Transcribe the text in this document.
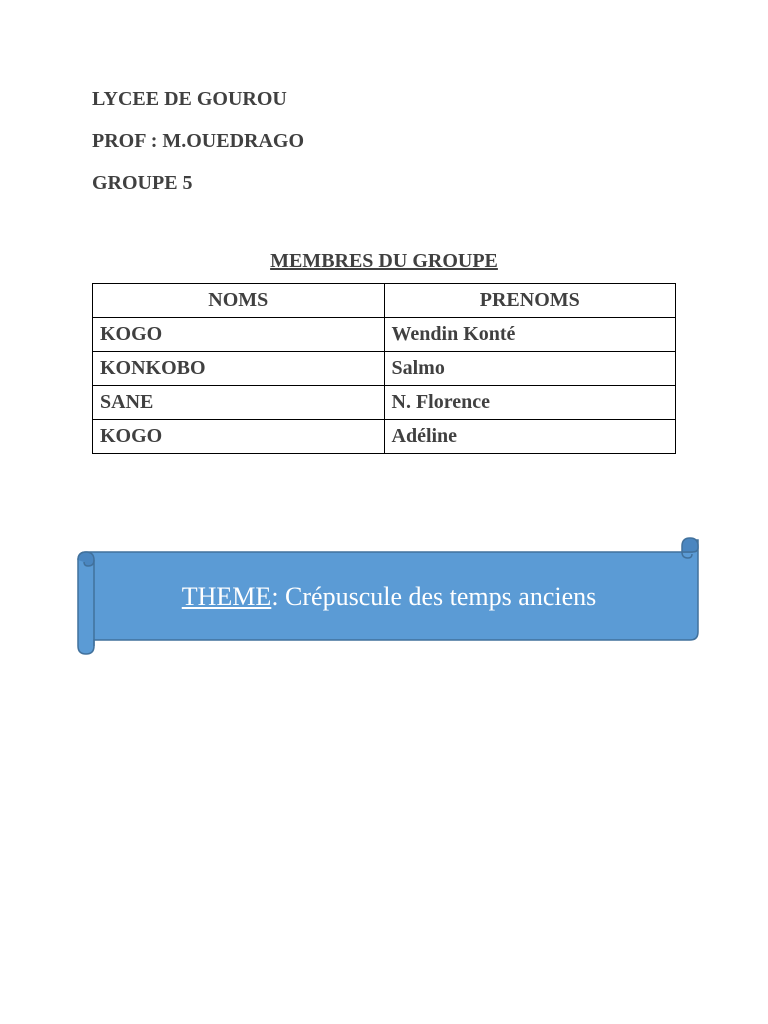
LYCEE DE GOUROU
PROF : M.OUEDRAGO
GROUPE 5
MEMBRES DU GROUPE
NOMS	PRENOMS
KOGO	Wendin Konté
KONKOBO	Salmo
SANE	N. Florence
KOGO	Adéline
THEME : Crépuscule des temps anciens
